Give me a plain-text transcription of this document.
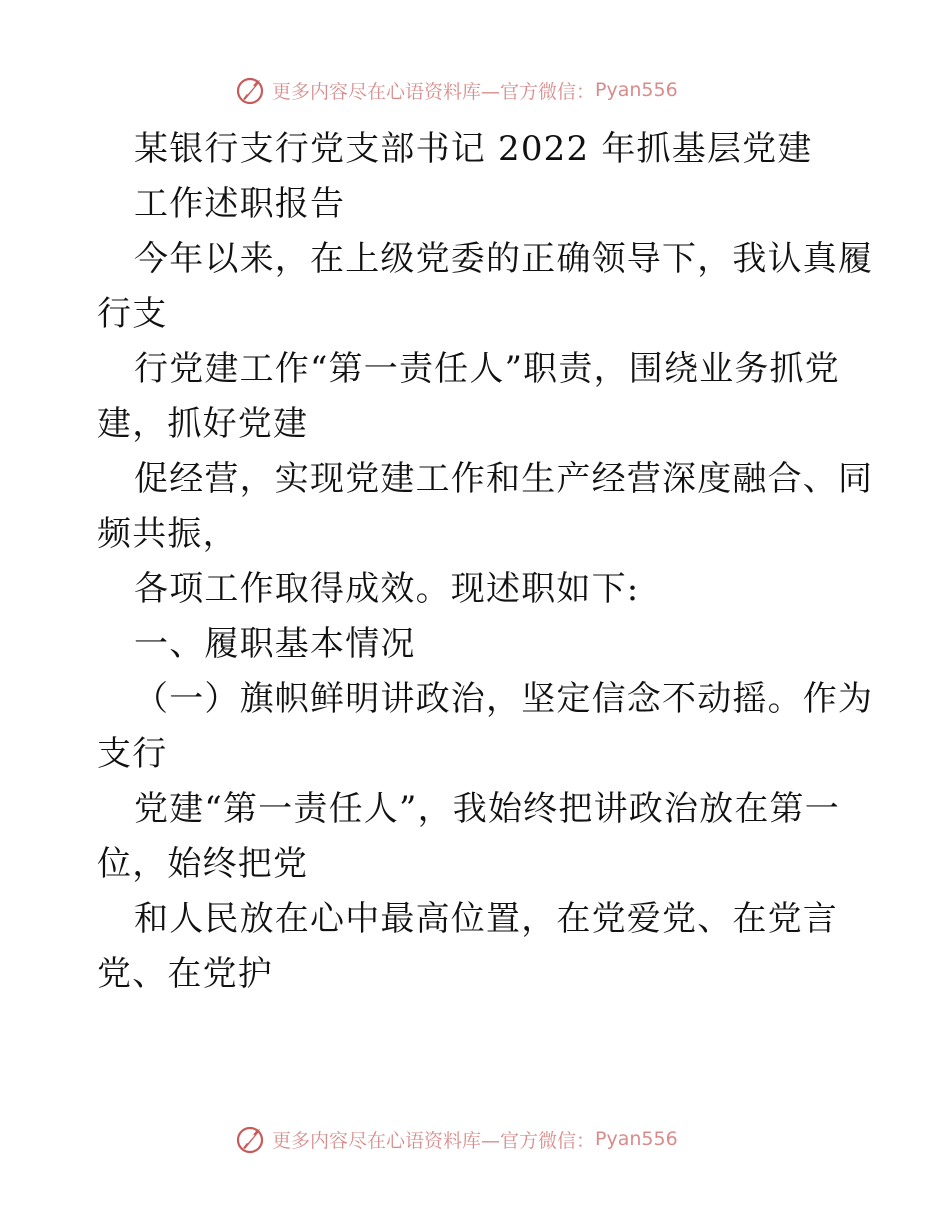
更多内容尽在心语资料库—官方微信： Pyan556
某银行支行党支部书记 2022 年抓基层党建
工作述职报告
今年以来，在上级党委的正确领导下，我认真履
行支
行党建工作“第一责任人”职责，围绕业务抓党
建，抓好党建
促经营，实现党建工作和生产经营深度融合、同
频共振，
各项工作取得成效。现述职如下:
一、履职基本情况
（一）旗帜鲜明讲政治，坚定信念不动摇。作为
支行
党建“第一责任人”，我始终把讲政治放在第一
位，始终把党
和人民放在心中最高位置，在党爱党、在党言
党、在党护
更多内容尽在心语资料库—官方微信： Pyan556
